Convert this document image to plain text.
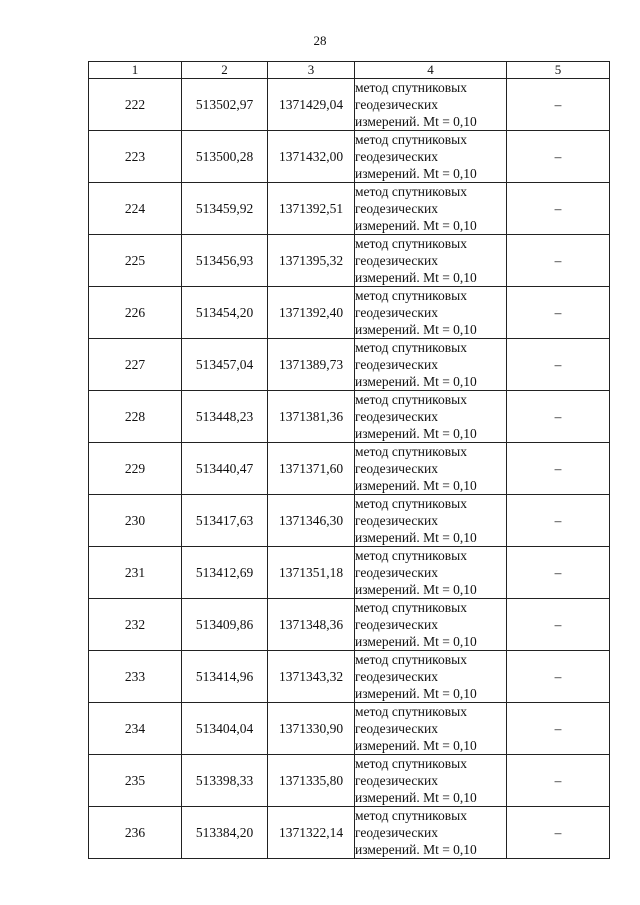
28
1	2	3	4	5
222	513502,97	1371429,04	метод спутниковых
геодезических
измерений. Mt = 0,10	–
223	513500,28	1371432,00	метод спутниковых
геодезических
измерений. Mt = 0,10	–
224	513459,92	1371392,51	метод спутниковых
геодезических
измерений. Mt = 0,10	–
225	513456,93	1371395,32	метод спутниковых
геодезических
измерений. Mt = 0,10	–
226	513454,20	1371392,40	метод спутниковых
геодезических
измерений. Mt = 0,10	–
227	513457,04	1371389,73	метод спутниковых
геодезических
измерений. Mt = 0,10	–
228	513448,23	1371381,36	метод спутниковых
геодезических
измерений. Mt = 0,10	–
229	513440,47	1371371,60	метод спутниковых
геодезических
измерений. Mt = 0,10	–
230	513417,63	1371346,30	метод спутниковых
геодезических
измерений. Mt = 0,10	–
231	513412,69	1371351,18	метод спутниковых
геодезических
измерений. Mt = 0,10	–
232	513409,86	1371348,36	метод спутниковых
геодезических
измерений. Mt = 0,10	–
233	513414,96	1371343,32	метод спутниковых
геодезических
измерений. Mt = 0,10	–
234	513404,04	1371330,90	метод спутниковых
геодезических
измерений. Mt = 0,10	–
235	513398,33	1371335,80	метод спутниковых
геодезических
измерений. Mt = 0,10	–
236	513384,20	1371322,14	метод спутниковых
геодезических
измерений. Mt = 0,10	–
